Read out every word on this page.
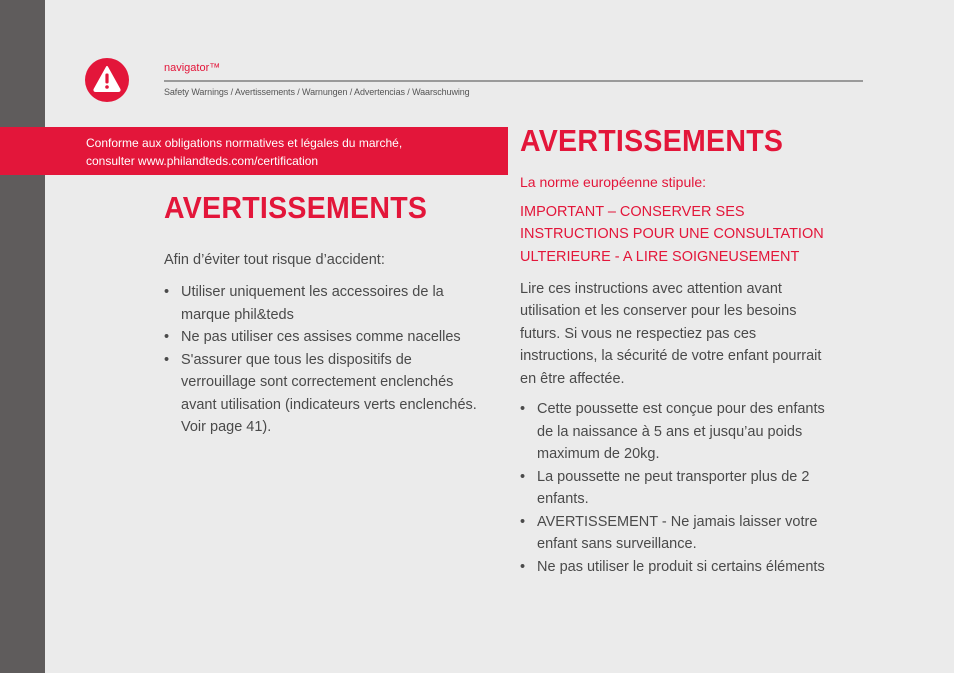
navigator™
Safety Warnings / Avertissements / Warnungen / Advertencias / Waarschuwing
Conforme aux obligations normatives et légales du marché,
consulter www.philandteds.com/certification
AVERTISSEMENTS
Afin d’éviter tout risque d’accident:
• Utiliser uniquement les accessoires de la
marque phil&teds
• Ne pas utiliser ces assises comme nacelles
• S'assurer que tous les dispositifs de
verrouillage sont correctement enclenchés
avant utilisation (indicateurs verts enclenchés.
Voir page 41).
AVERTISSEMENTS
La norme européenne stipule:
IMPORTANT – CONSERVER SES
INSTRUCTIONS POUR UNE CONSULTATION
ULTERIEURE - A LIRE SOIGNEUSEMENT
Lire ces instructions avec attention avant
utilisation et les conserver pour les besoins
futurs. Si vous ne respectiez pas ces
instructions, la sécurité de votre enfant pourrait
en être affectée.
• Cette poussette est conçue pour des enfants
de la naissance à 5 ans et jusqu’au poids
maximum de 20kg.
• La poussette ne peut transporter plus de 2
enfants.
• AVERTISSEMENT - Ne jamais laisser votre
enfant sans surveillance.
• Ne pas utiliser le produit si certains éléments
